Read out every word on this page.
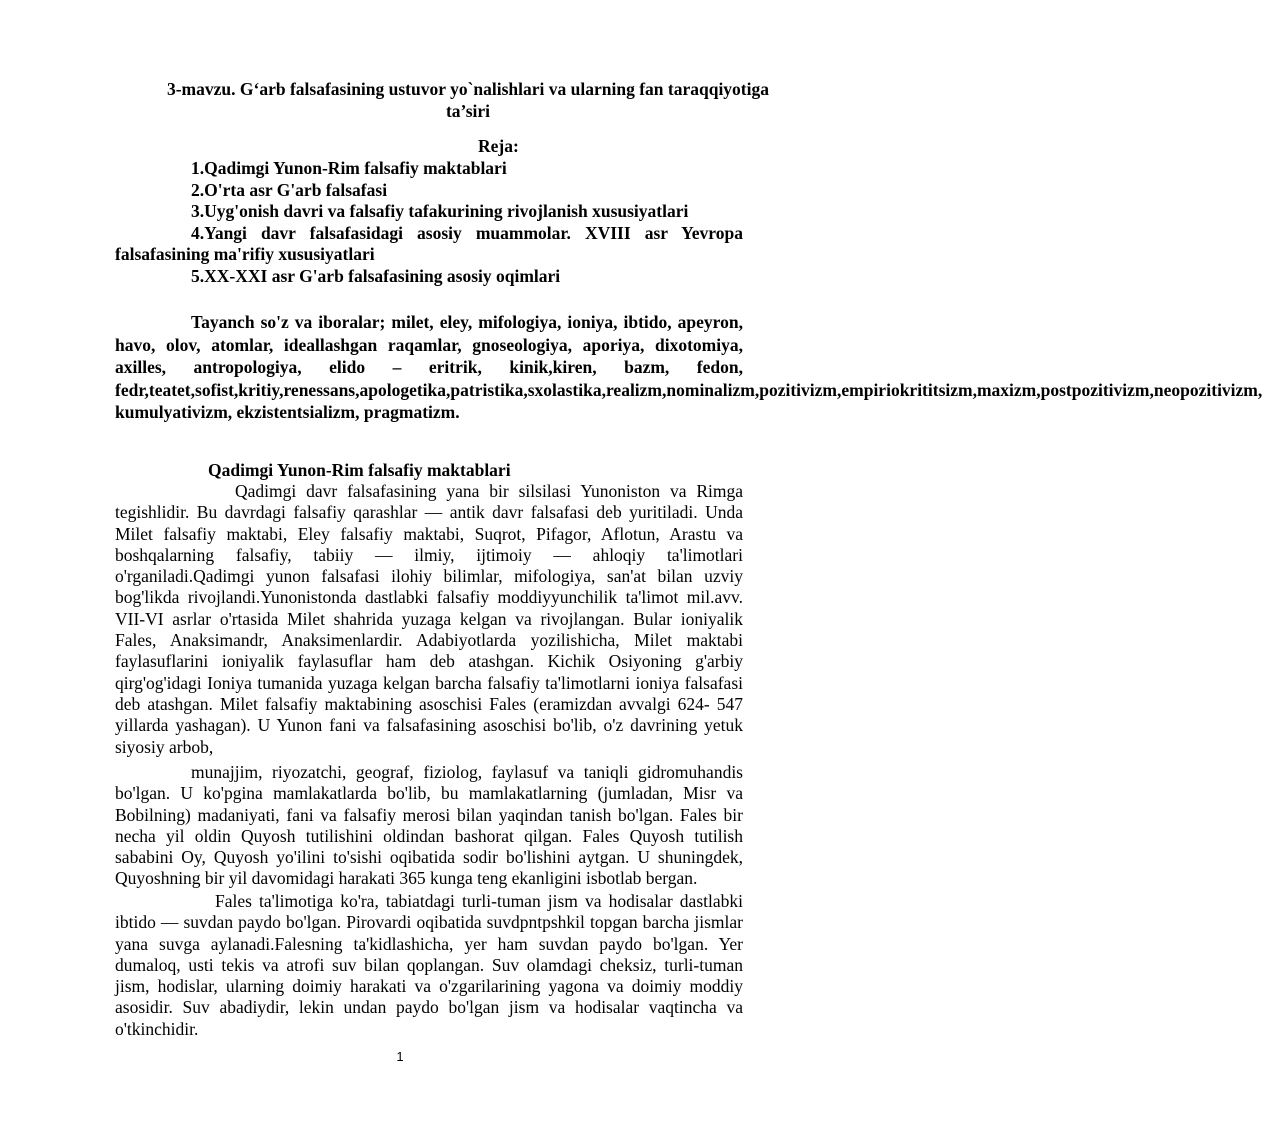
3-mavzu. G‘arb falsafasining ustuvor yo`nalishlari va ularning fan taraqqiyotiga ta’siri
Reja:

1.Qadimgi Yunon-Rim falsafiy maktablari

2.O'rta asr G'arb falsafasi

3.Uyg'onish davri va falsafiy tafakurining rivojlanish xususiyatlari

4.Yangi davr falsafasidagi asosiy muammolar. XVIII asr Yevropa falsafasining ma'rifiy xususiyatlari

5.XX-XXI asr G'arb falsafasining asosiy oqimlari

Tayanch so'z va iboralar; milet, eley, mifologiya, ioniya, ibtido, apeyron, havo, olov, atomlar, ideallashgan raqamlar, gnoseologiya, aporiya, dixotomiya, axilles, antropologiya, elido – eritrik, kinik,kiren, bazm, fedon, fedr,teatet,sofist,kritiy,renessans,apologetika,patristika,sxolastika,realizm,nominalizm,pozitivizm,empiriokrititsizm,maxizm,postpozitivizm,neopozitivizm, kumulyativizm, ekzistentsializm, pragmatizm.
Qadimgi Yunon-Rim falsafiy maktablari
Qadimgi davr falsafasining yana bir silsilasi Yunoniston va Rimga tegishlidir. Bu davrdagi falsafiy qarashlar — antik davr falsafasi deb yuritiladi. Unda Milet falsafiy maktabi, Eley falsafiy maktabi, Suqrot, Pifagor, Aflotun, Arastu va boshqalarning falsafiy, tabiiy — ilmiy, ijtimoiy — ahloqiy ta'limotlari o'rganiladi.Qadimgi yunon falsafasi ilohiy bilimlar, mifologiya, san'at bilan uzviy bog'likda rivojlandi.Yunonistonda dastlabki falsafiy moddiyyunchilik ta'limot mil.avv. VII-VI asrlar o'rtasida Milet shahrida yuzaga kelgan va rivojlangan. Bular ioniyalik Fales, Anaksimandr, Anaksimenlardir. Adabiyotlarda yozilishicha, Milet maktabi faylasuflarini ioniyalik faylasuflar ham deb atashgan. Kichik Osiyoning g'arbiy qirg'og'idagi Ioniya tumanida yuzaga kelgan barcha falsafiy ta'limotlarni ioniya falsafasi deb atashgan. Milet falsafiy maktabining asoschisi Fales (eramizdan avvalgi 624- 547 yillarda yashagan). U Yunon fani va falsafasining asoschisi bo'lib, o'z davrining yetuk siyosiy arbob,
munajjim, riyozatchi, geograf, fiziolog, faylasuf va taniqli gidromuhandis bo'lgan. U ko'pgina mamlakatlarda bo'lib, bu mamlakatlarning (jumladan, Misr va Bobilning) madaniyati, fani va falsafiy merosi bilan yaqindan tanish bo'lgan. Fales bir necha yil oldin Quyosh tutilishini oldindan bashorat qilgan. Fales Quyosh tutilish sababini Oy, Quyosh yo'ilini to'sishi oqibatida sodir bo'lishini aytgan. U shuningdek, Quyoshning bir yil davomidagi harakati 365 kunga teng ekanligini isbotlab bergan.
Fales ta'limotiga ko'ra, tabiatdagi turli-tuman jism va hodisalar dastlabki ibtido — suvdan paydo bo'lgan. Pirovardi oqibatida suvdpntpshkil topgan barcha jismlar yana suvga aylanadi.Falesning ta'kidlashicha, yer ham suvdan paydo bo'lgan. Yer dumaloq, usti tekis va atrofi suv bilan qoplangan. Suv olamdagi cheksiz, turli-tuman jism, hodislar, ularning doimiy harakati va o'zgarilarining yagona va doimiy moddiy asosidir. Suv abadiydir, lekin undan paydo bo'lgan jism va hodisalar vaqtincha va o'tkinchidir.
1
